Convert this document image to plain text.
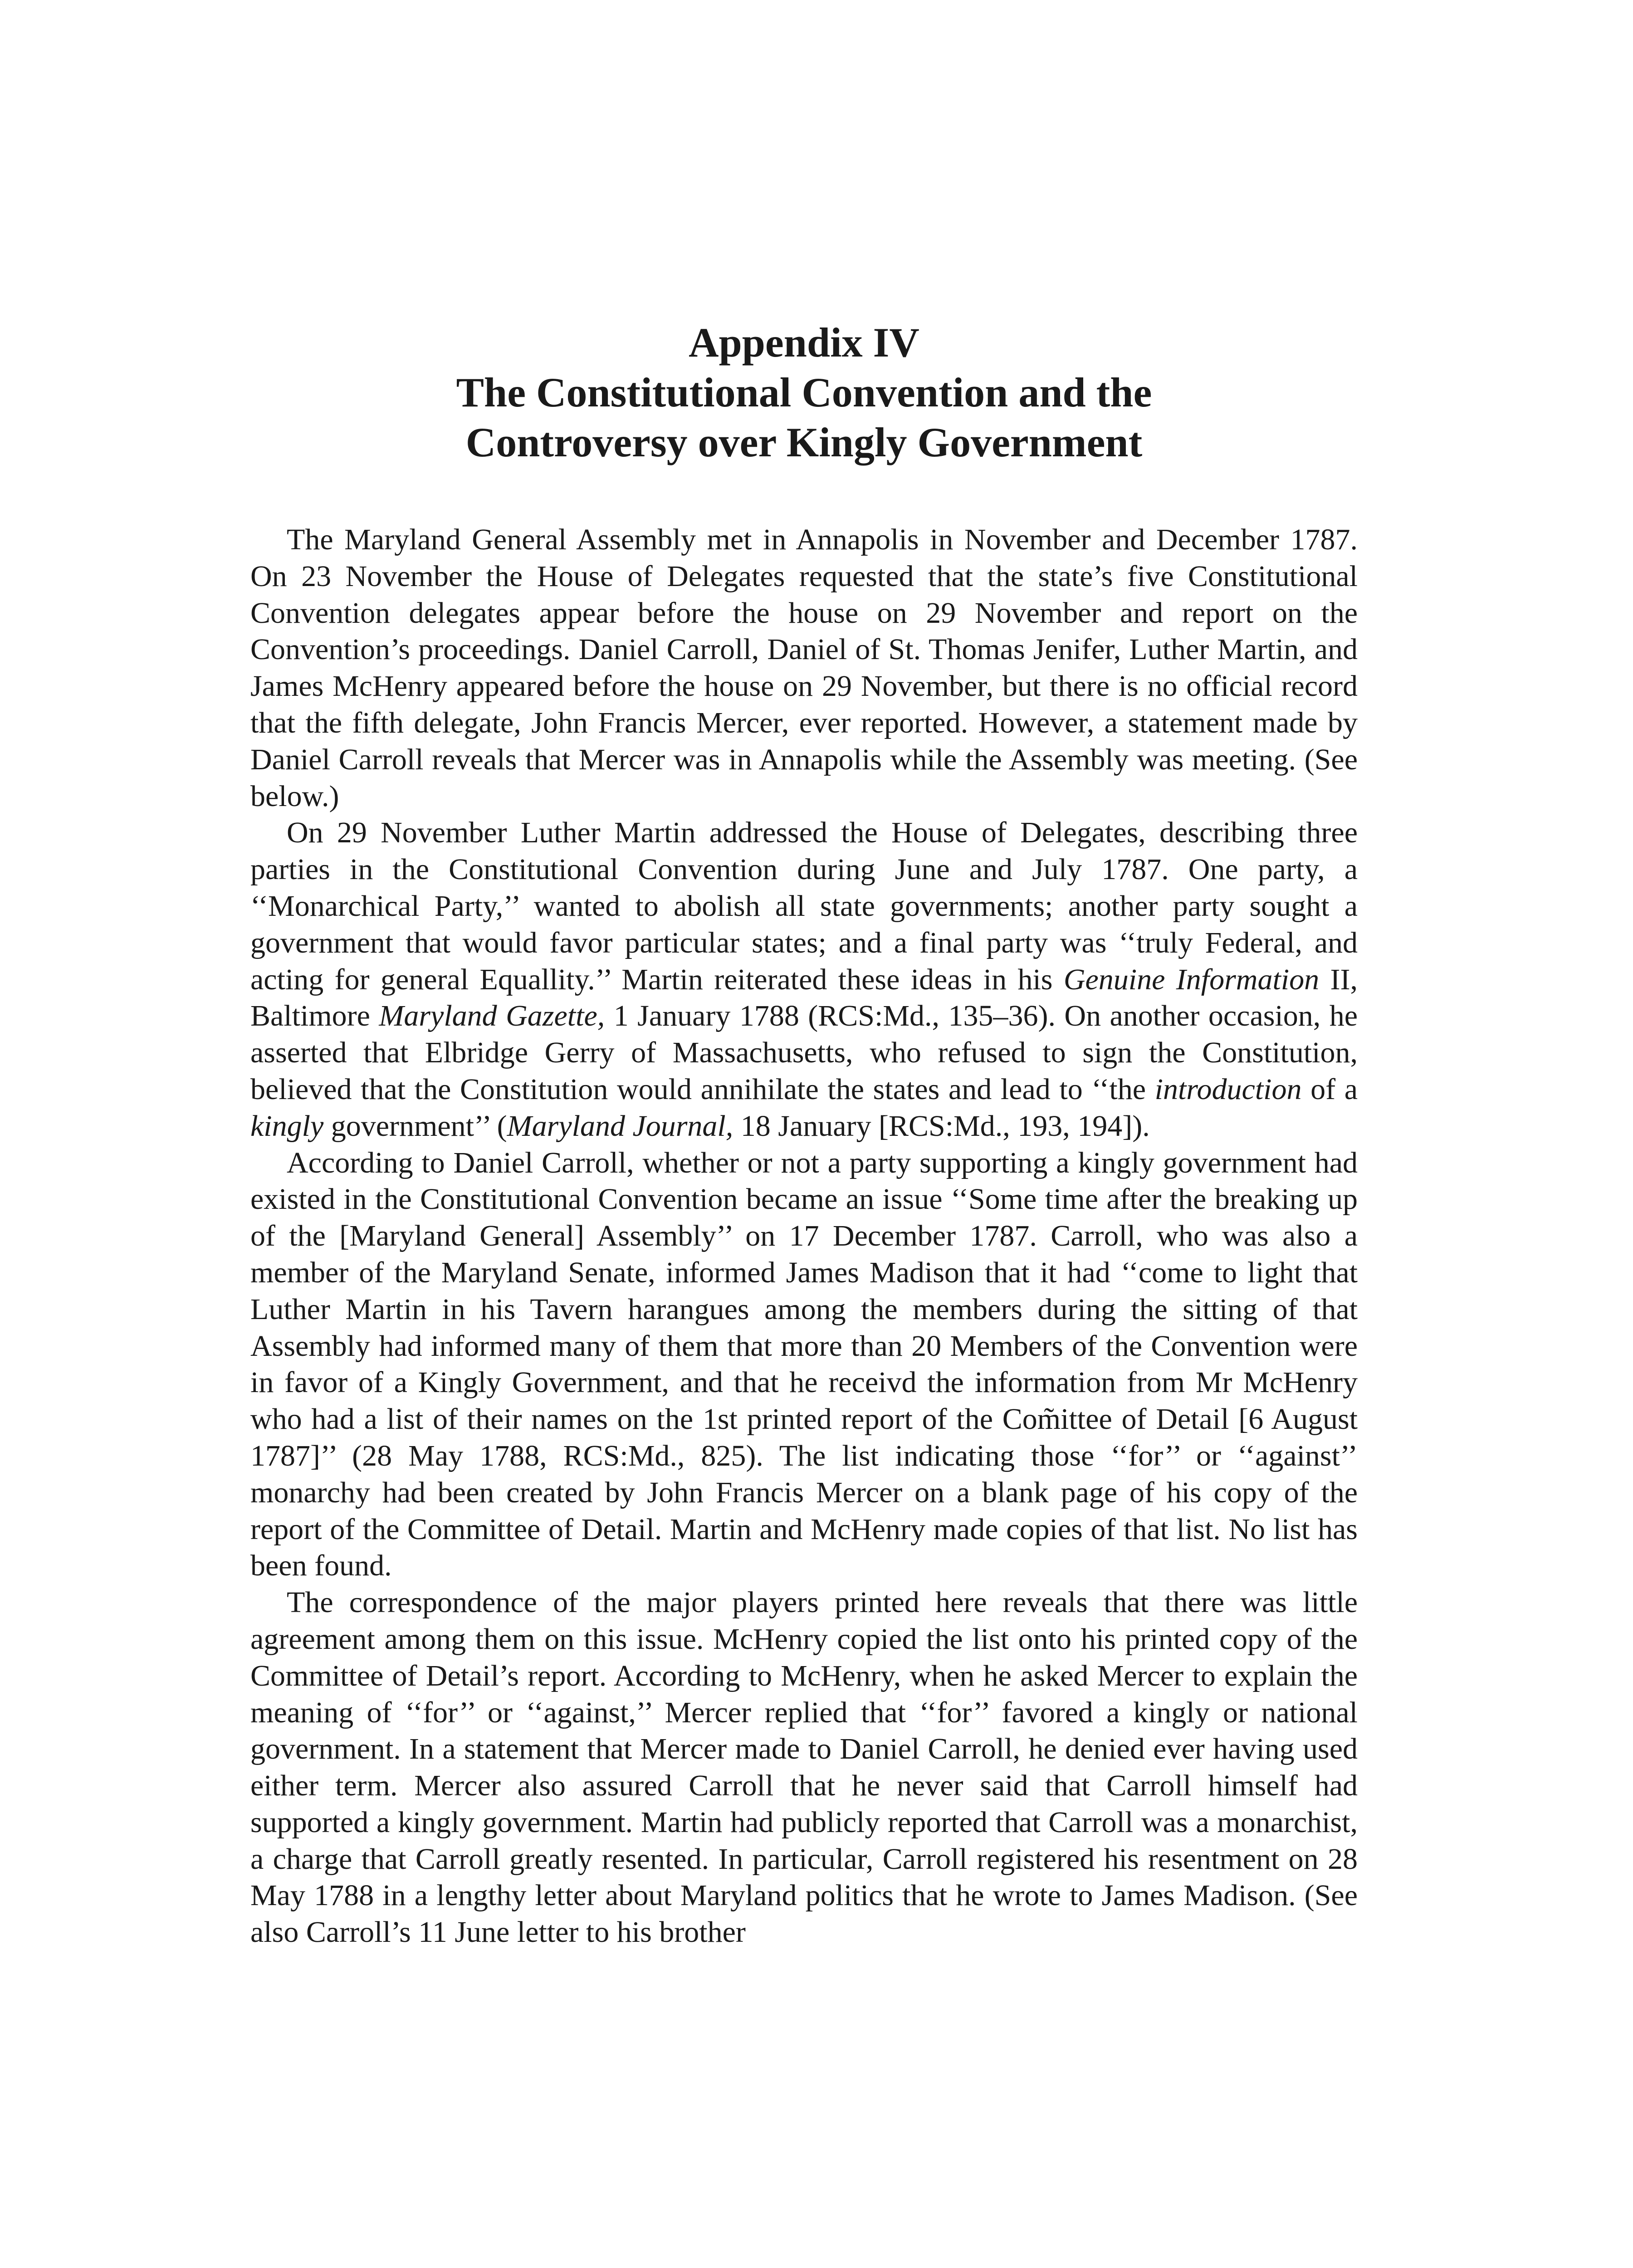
Appendix IV
The Constitutional Convention and the
Controversy over Kingly Government

The Maryland General Assembly met in Annapolis in November and December 1787. On 23 November the House of Delegates requested that the state’s five Constitutional Convention delegates appear before the house on 29 November and report on the Convention’s proceedings. Daniel Carroll, Daniel of St. Thomas Jenifer, Luther Martin, and James McHenry appeared before the house on 29 November, but there is no official record that the fifth delegate, John Francis Mercer, ever reported. However, a statement made by Daniel Carroll reveals that Mercer was in Annapolis while the Assembly was meeting. (See below.)

On 29 November Luther Martin addressed the House of Delegates, describing three parties in the Constitutional Convention during June and July 1787. One party, a ‘‘Monarchical Party,’’ wanted to abolish all state governments; another party sought a government that would favor particular states; and a final party was ‘‘truly Federal, and acting for general Equallity.’’ Martin reiterated these ideas in his Genuine Information II, Baltimore Maryland Gazette, 1 January 1788 (RCS:Md., 135–36). On another occasion, he asserted that Elbridge Gerry of Massachusetts, who refused to sign the Constitution, believed that the Constitution would annihilate the states and lead to ‘‘the introduction of a kingly government’’ (Maryland Journal, 18 January [RCS:Md., 193, 194]).

According to Daniel Carroll, whether or not a party supporting a kingly government had existed in the Constitutional Convention became an issue ‘‘Some time after the breaking up of the [Maryland General] Assembly’’ on 17 December 1787. Carroll, who was also a member of the Maryland Senate, informed James Madison that it had ‘‘come to light that Luther Martin in his Tavern harangues among the members during the sitting of that Assembly had informed many of them that more than 20 Members of the Convention were in favor of a Kingly Government, and that he receivd the information from Mr McHenry who had a list of their names on the 1st printed report of the Com̃ittee of Detail [6 August 1787]’’ (28 May 1788, RCS:Md., 825). The list indicating those ‘‘for’’ or ‘‘against’’ monarchy had been created by John Francis Mercer on a blank page of his copy of the report of the Committee of Detail. Martin and McHenry made copies of that list. No list has been found.

The correspondence of the major players printed here reveals that there was little agreement among them on this issue. McHenry copied the list onto his printed copy of the Committee of Detail’s report. According to McHenry, when he asked Mercer to explain the meaning of ‘‘for’’ or ‘‘against,’’ Mercer replied that ‘‘for’’ favored a kingly or national government. In a statement that Mercer made to Daniel Carroll, he denied ever having used either term. Mercer also assured Carroll that he never said that Carroll himself had supported a kingly government. Martin had publicly reported that Carroll was a monarchist, a charge that Carroll greatly resented. In particular, Carroll registered his resentment on 28 May 1788 in a lengthy letter about Maryland politics that he wrote to James Madison. (See also Carroll’s 11 June letter to his brother
